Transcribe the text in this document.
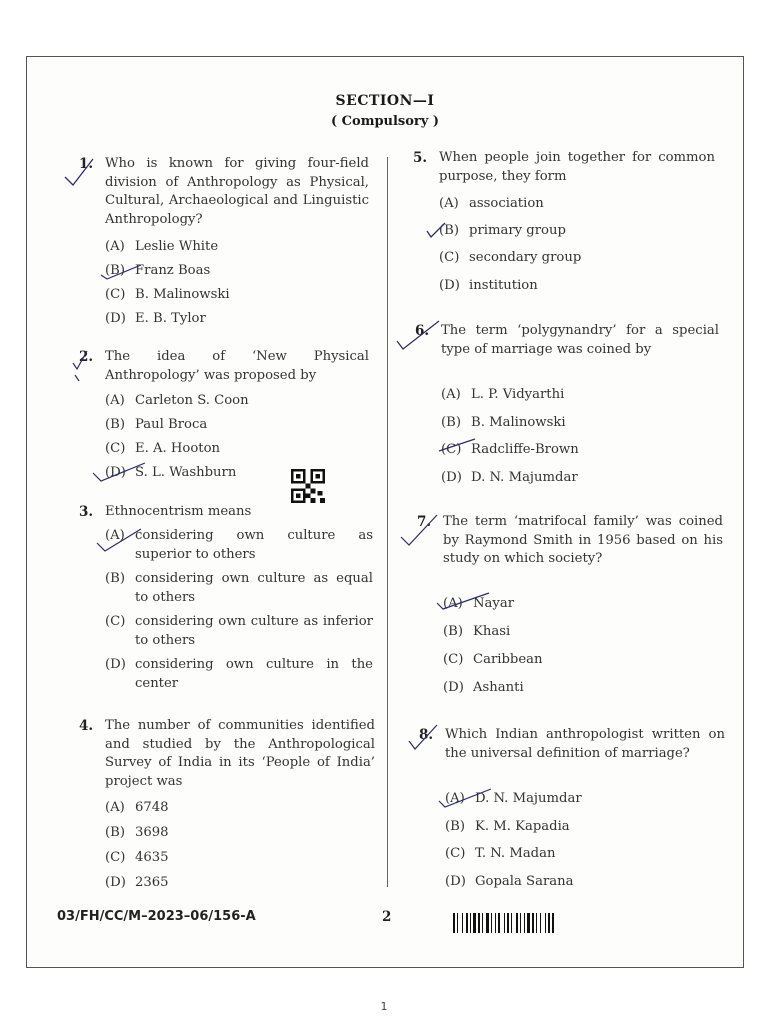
SECTION—I
( Compulsory )
1. Who is known for giving four-field division of Anthropology as Physical, Cultural, Archaeological and Linguistic Anthropology?
(A) Leslie White
(B) Franz Boas
(C) B. Malinowski
(D) E. B. Tylor
2. The idea of ‘New Physical Anthropology’ was proposed by
(A) Carleton S. Coon
(B) Paul Broca
(C) E. A. Hooton
(D) S. L. Washburn
3. Ethnocentrism means
(A) considering own culture as superior to others
(B) considering own culture as equal to others
(C) considering own culture as inferior to others
(D) considering own culture in the center
4. The number of communities identified and studied by the Anthropological Survey of India in its ‘People of India’ project was
(A) 6748
(B) 3698
(C) 4635
(D) 2365
5. When people join together for common purpose, they form
(A) association
(B) primary group
(C) secondary group
(D) institution
6. The term ‘polygynandry’ for a special type of marriage was coined by
(A) L. P. Vidyarthi
(B) B. Malinowski
(C) Radcliffe-Brown
(D) D. N. Majumdar
7. The term ‘matrifocal family’ was coined by Raymond Smith in 1956 based on his study on which society?
(A) Nayar
(B) Khasi
(C) Caribbean
(D) Ashanti
8. Which Indian anthropologist written on the universal definition of marriage?
(A) D. N. Majumdar
(B) K. M. Kapadia
(C) T. N. Madan
(D) Gopala Sarana
03/FH/CC/M–2023–06/156-A	2
1
